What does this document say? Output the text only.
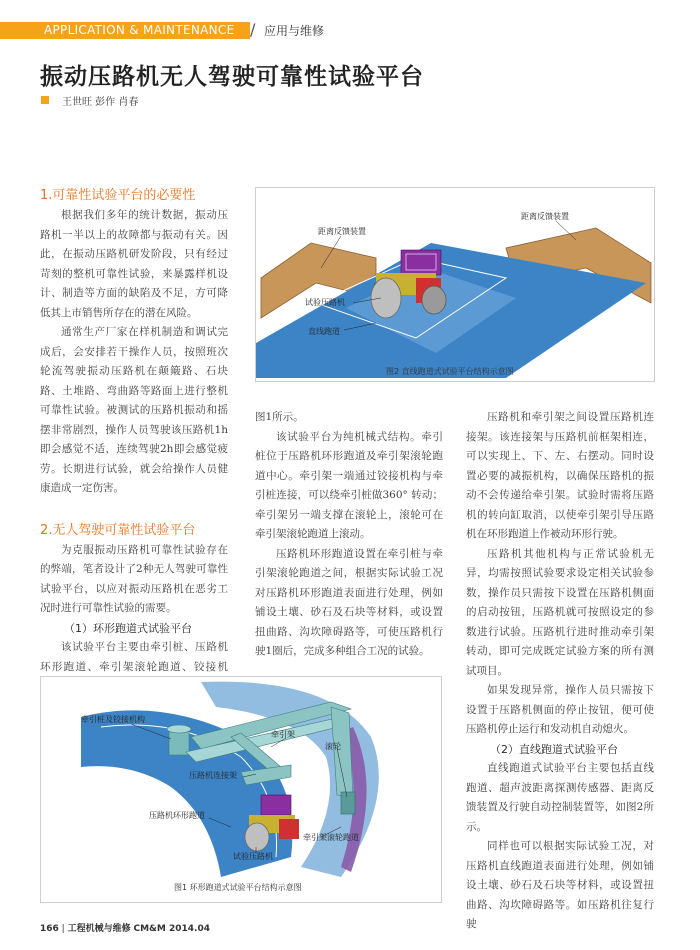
APPLICATION & MAINTENANCE / 应用与维修
振动压路机无人驾驶可靠性试验平台
王世旺 彭作 肖春
1.可靠性试验平台的必要性

根据我们多年的统计数据，振动压路机一半以上的故障都与振动有关。因此，在振动压路机研发阶段，只有经过苛刻的整机可靠性试验，来暴露样机设计、制造等方面的缺陷及不足，方可降低其上市销售所存在的潜在风险。

通常生产厂家在样机制造和调试完成后，会安排若干操作人员，按照班次轮流驾驶振动压路机在颠簸路、石块路、土堆路、弯曲路等路面上进行整机可靠性试验。被测试的压路机振动和摇摆非常剧烈，操作人员驾驶该压路机1h即会感觉不适，连续驾驶2h即会感觉疲劳。长期进行试验，就会给操作人员健康造成一定伤害。

2.无人驾驶可靠性试验平台

为克服振动压路机可靠性试验存在的弊端，笔者设计了2种无人驾驶可靠性试验平台，以应对振动压路机在恶劣工况时进行可靠性试验的需要。

（1）环形跑道式试验平台

该试验平台主要由牵引桩、压路机环形跑道、牵引架滚轮跑道、铰接机

距离反馈装置
距离反馈装置
试验压路机
直线跑道
图2 直线跑道式试验平台结构示意图
图1所示。

该试验平台为纯机械式结构。牵引桩位于压路机环形跑道及牵引架滚轮跑道中心。牵引架一端通过铰接机构与牵引桩连接，可以绕牵引桩做360° 转动；牵引架另一端支撑在滚轮上，滚轮可在牵引架滚轮跑道上滚动。

压路机环形跑道设置在牵引桩与牵引架滚轮跑道之间，根据实际试验工况对压路机环形跑道表面进行处理，例如铺设土壤、砂石及石块等材料，或设置扭曲路、沟坎障碍路等，可使压路机行驶1圈后，完成多种组合工况的试验。

压路机和牵引架之间设置压路机连接架。该连接架与压路机前框架相连，可以实现上、下、左、右摆动。同时设置必要的减振机构，以确保压路机的振动不会传递给牵引架。试验时需将压路机的转向缸取消，以使牵引架引导压路机在环形跑道上作被动环形行驶。

压路机其他机构与正常试验机无异，均需按照试验要求设定相关试验参数，操作员只需按下设置在压路机侧面的启动按钮，压路机就可按照设定的参数进行试验。压路机行进时推动牵引架转动，即可完成既定试验方案的所有测试项目。

如果发现异常，操作人员只需按下设置于压路机侧面的停止按钮，便可使压路机停止运行和发动机自动熄火。

（2）直线跑道式试验平台

直线跑道式试验平台主要包括直线跑道、超声波距离探测传感器、距离反馈装置及行驶自动控制装置等，如图2所示。

同样也可以根据实际试验工况，对压路机直线跑道表面进行处理，例如铺设土壤、砂石及石块等材料，或设置扭曲路、沟坎障碍路等。如压路机往复行驶

牵引桩及铰接机构
牵引架
滚轮
压路机连接架
压路机环形跑道
牵引架滚轮跑道
试验压路机
图1 环形跑道式试验平台结构示意图
166 | 工程机械与维修 CM&M 2014.04
